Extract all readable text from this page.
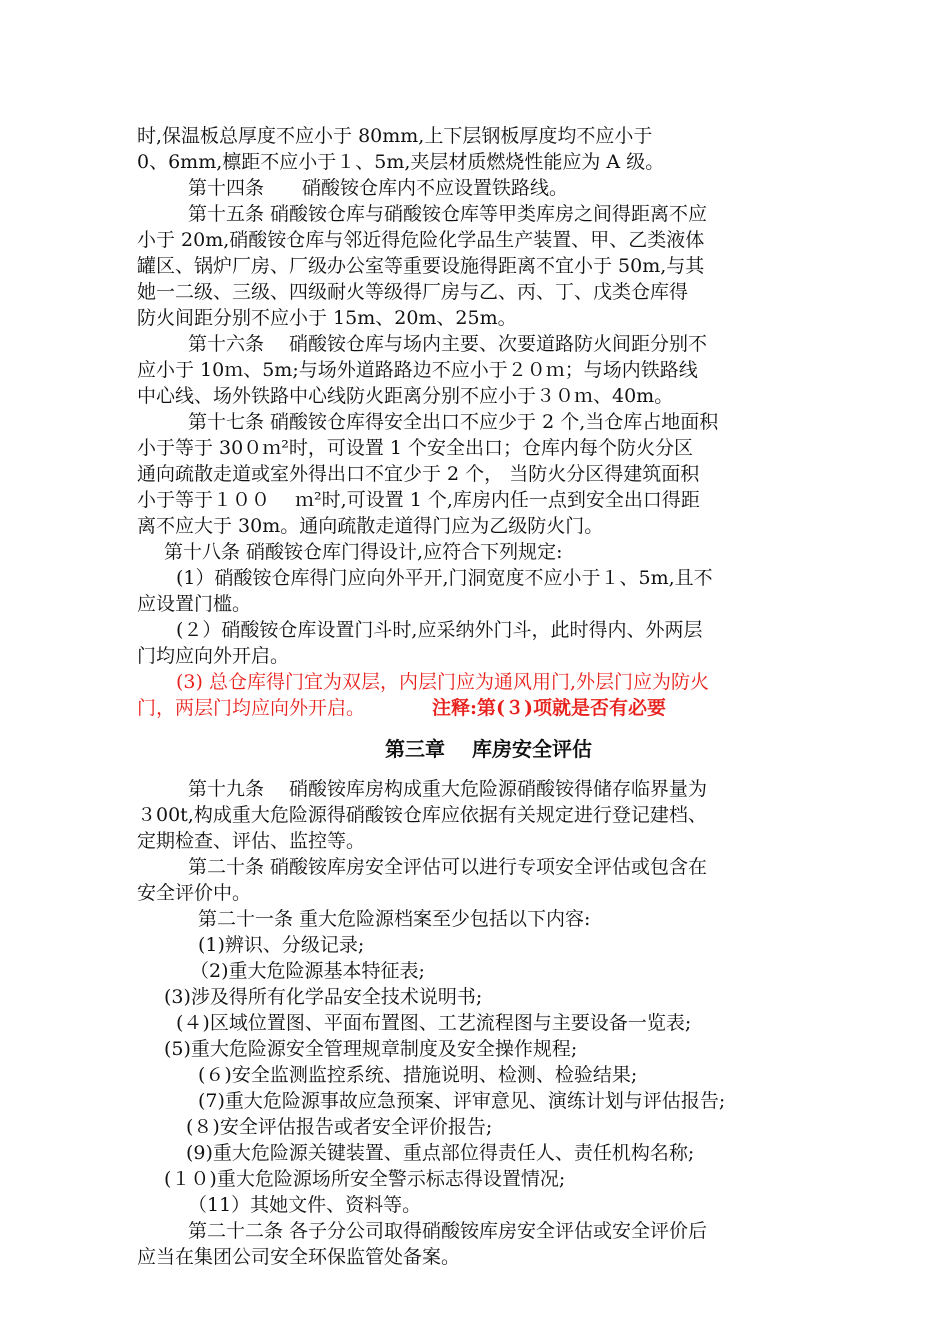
时,保温板总厚度不应小于 80mm,上下层钢板厚度均不应小于
0、6mm,檩距不应小于１、5m,夹层材质燃烧性能应为 A 级。
第十四条　　硝酸铵仓库内不应设置铁路线。
第十五条 硝酸铵仓库与硝酸铵仓库等甲类库房之间得距离不应
小于 20m,硝酸铵仓库与邻近得危险化学品生产装置、甲、乙类液体
罐区、锅炉厂房、厂级办公室等重要设施得距离不宜小于 50m,与其
她一二级、三级、四级耐火等级得厂房与乙、丙、丁、戊类仓库得
防火间距分别不应小于 15m、20m、25m。
第十六条　 硝酸铵仓库与场内主要、次要道路防火间距分别不
应小于 10ｍ、5m;与场外道路路边不应小于２０ｍ；与场内铁路线
中心线、场外铁路中心线防火距离分别不应小于３０ｍ、40m。
第十七条 硝酸铵仓库得安全出口不应少于 2 个,当仓库占地面积
小于等于 30０ｍ²时，可设置 1 个安全出口；仓库内每个防火分区
通向疏散走道或室外得出口不宜少于 2 个， 当防火分区得建筑面积
小于等于１００　 ｍ²时,可设置 1 个,库房内任一点到安全出口得距
离不应大于 30m。通向疏散走道得门应为乙级防火门。
第十八条 硝酸铵仓库门得设计,应符合下列规定:
(1）硝酸铵仓库得门应向外平开,门洞宽度不应小于１、5m,且不
应设置门槛。
(２）硝酸铵仓库设置门斗时,应采纳外门斗，此时得内、外两层
门均应向外开启。
(3) 总仓库得门宜为双层，内层门应为通风用门,外层门应为防火
门，两层门均应向外开启。	注释:第(３)项就是否有必要
第三章　 库房安全评估
第十九条　 硝酸铵库房构成重大危险源硝酸铵得储存临界量为
３00t,构成重大危险源得硝酸铵仓库应依据有关规定进行登记建档、
定期检查、评估、监控等。
第二十条 硝酸铵库房安全评估可以进行专项安全评估或包含在
安全评价中。
第二十一条 重大危险源档案至少包括以下内容:
(1)辨识、分级记录;
（2)重大危险源基本特征表;
(3)涉及得所有化学品安全技术说明书;
(４)区域位置图、平面布置图、工艺流程图与主要设备一览表;
(5)重大危险源安全管理规章制度及安全操作规程;
(６)安全监测监控系统、措施说明、检测、检验结果;
(7)重大危险源事故应急预案、评审意见、演练计划与评估报告;
(８)安全评估报告或者安全评价报告;
(9)重大危险源关键装置、重点部位得责任人、责任机构名称;
(１０)重大危险源场所安全警示标志得设置情况;
（11）其她文件、资料等。
第二十二条 各子分公司取得硝酸铵库房安全评估或安全评价后
应当在集团公司安全环保监管处备案。
